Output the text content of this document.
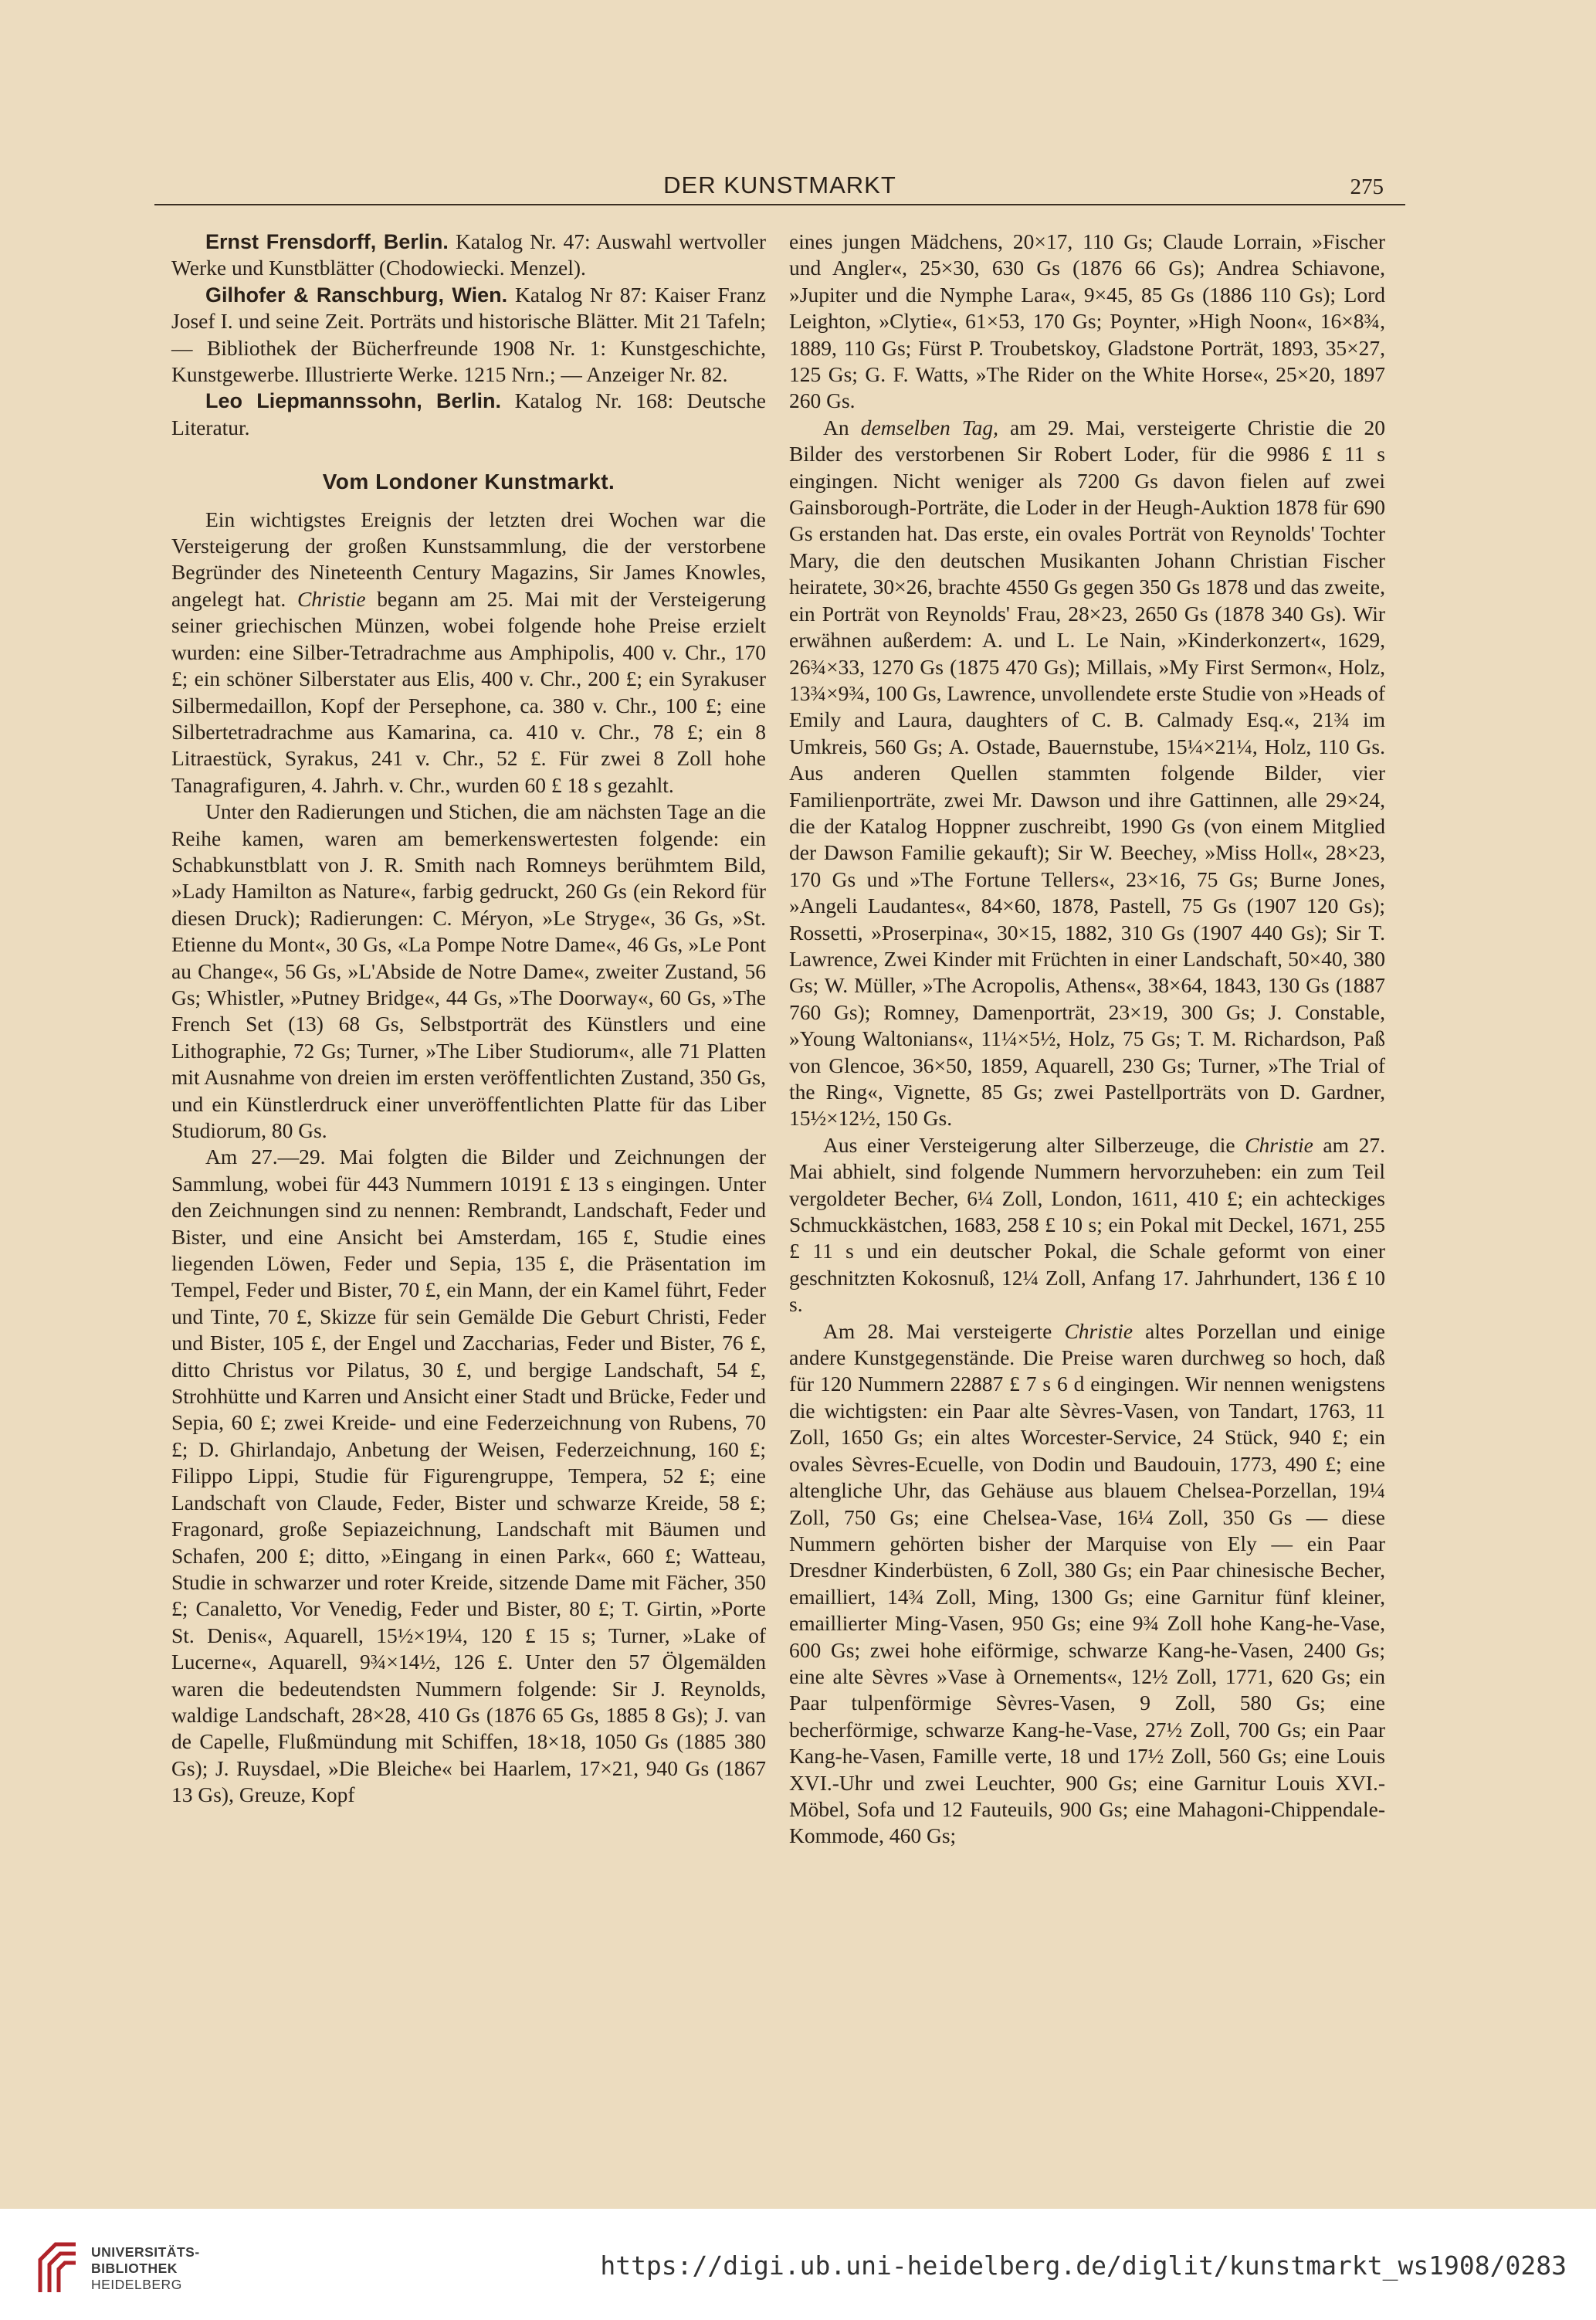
DER KUNSTMARKT	275

Ernst Frensdorff, Berlin. Katalog Nr. 47: Auswahl wertvoller Werke und Kunstblätter (Chodowiecki. Menzel).

Gilhofer & Ranschburg, Wien. Katalog Nr 87: Kaiser Franz Josef I. und seine Zeit. Porträts und historische Blätter. Mit 21 Tafeln; — Bibliothek der Bücherfreunde 1908 Nr. 1: Kunstgeschichte, Kunstgewerbe. Illustrierte Werke. 1215 Nrn.; — Anzeiger Nr. 82.

Leo Liepmannssohn, Berlin. Katalog Nr. 168: Deutsche Literatur.

Vom Londoner Kunstmarkt.

Ein wichtigstes Ereignis der letzten drei Wochen war die Versteigerung der großen Kunstsammlung, die der verstorbene Begründer des Nineteenth Century Magazins, Sir James Knowles, angelegt hat. Christie begann am 25. Mai mit der Versteigerung seiner griechischen Münzen, wobei folgende hohe Preise erzielt wurden: eine Silber-Tetradrachme aus Amphipolis, 400 v. Chr., 170 £; ein schöner Silberstater aus Elis, 400 v. Chr., 200 £; ein Syrakuser Silbermedaillon, Kopf der Persephone, ca. 380 v. Chr., 100 £; eine Silbertetradrachme aus Kamarina, ca. 410 v. Chr., 78 £; ein 8 Litraestück, Syrakus, 241 v. Chr., 52 £. Für zwei 8 Zoll hohe Tanagrafiguren, 4. Jahrh. v. Chr., wurden 60 £ 18 s gezahlt.

Unter den Radierungen und Stichen, die am nächsten Tage an die Reihe kamen, waren am bemerkenswertesten folgende: ein Schabkunstblatt von J. R. Smith nach Romneys berühmtem Bild, »Lady Hamilton as Nature«, farbig gedruckt, 260 Gs (ein Rekord für diesen Druck); Radierungen: C. Méryon, »Le Stryge«, 36 Gs, »St. Etienne du Mont«, 30 Gs, «La Pompe Notre Dame«, 46 Gs, »Le Pont au Change«, 56 Gs, »L'Abside de Notre Dame«, zweiter Zustand, 56 Gs; Whistler, »Putney Bridge«, 44 Gs, »The Doorway«, 60 Gs, »The French Set (13) 68 Gs, Selbstporträt des Künstlers und eine Lithographie, 72 Gs; Turner, »The Liber Studiorum«, alle 71 Platten mit Ausnahme von dreien im ersten veröffentlichten Zustand, 350 Gs, und ein Künstlerdruck einer unveröffentlichten Platte für das Liber Studiorum, 80 Gs.

Am 27.—29. Mai folgten die Bilder und Zeichnungen der Sammlung, wobei für 443 Nummern 10191 £ 13 s eingingen. Unter den Zeichnungen sind zu nennen: Rembrandt, Landschaft, Feder und Bister, und eine Ansicht bei Amsterdam, 165 £, Studie eines liegenden Löwen, Feder und Sepia, 135 £, die Präsentation im Tempel, Feder und Bister, 70 £, ein Mann, der ein Kamel führt, Feder und Tinte, 70 £, Skizze für sein Gemälde Die Geburt Christi, Feder und Bister, 105 £, der Engel und Zaccharias, Feder und Bister, 76 £, ditto Christus vor Pilatus, 30 £, und bergige Landschaft, 54 £, Strohhütte und Karren und Ansicht einer Stadt und Brücke, Feder und Sepia, 60 £; zwei Kreide- und eine Federzeichnung von Rubens, 70 £; D. Ghirlandajo, Anbetung der Weisen, Federzeichnung, 160 £; Filippo Lippi, Studie für Figurengruppe, Tempera, 52 £; eine Landschaft von Claude, Feder, Bister und schwarze Kreide, 58 £; Fragonard, große Sepiazeichnung, Landschaft mit Bäumen und Schafen, 200 £; ditto, »Eingang in einen Park«, 660 £; Watteau, Studie in schwarzer und roter Kreide, sitzende Dame mit Fächer, 350 £; Canaletto, Vor Venedig, Feder und Bister, 80 £; T. Girtin, »Porte St. Denis«, Aquarell, 15½×19¼, 120 £ 15 s; Turner, »Lake of Lucerne«, Aquarell, 9¾×14½, 126 £. Unter den 57 Ölgemälden waren die bedeutendsten Nummern folgende: Sir J. Reynolds, waldige Landschaft, 28×28, 410 Gs (1876 65 Gs, 1885 8 Gs); J. van de Capelle, Flußmündung mit Schiffen, 18×18, 1050 Gs (1885 380 Gs); J. Ruysdael, »Die Bleiche« bei Haarlem, 17×21, 940 Gs (1867 13 Gs), Greuze, Kopf

eines jungen Mädchens, 20×17, 110 Gs; Claude Lorrain, »Fischer und Angler«, 25×30, 630 Gs (1876 66 Gs); Andrea Schiavone, »Jupiter und die Nymphe Lara«, 9×45, 85 Gs (1886 110 Gs); Lord Leighton, »Clytie«, 61×53, 170 Gs; Poynter, »High Noon«, 16×8¾, 1889, 110 Gs; Fürst P. Troubetskoy, Gladstone Porträt, 1893, 35×27, 125 Gs; G. F. Watts, »The Rider on the White Horse«, 25×20, 1897 260 Gs.

An demselben Tag, am 29. Mai, versteigerte Christie die 20 Bilder des verstorbenen Sir Robert Loder, für die 9986 £ 11 s eingingen. Nicht weniger als 7200 Gs davon fielen auf zwei Gainsborough-Porträte, die Loder in der Heugh-Auktion 1878 für 690 Gs erstanden hat. Das erste, ein ovales Porträt von Reynolds' Tochter Mary, die den deutschen Musikanten Johann Christian Fischer heiratete, 30×26, brachte 4550 Gs gegen 350 Gs 1878 und das zweite, ein Porträt von Reynolds' Frau, 28×23, 2650 Gs (1878 340 Gs). Wir erwähnen außerdem: A. und L. Le Nain, »Kinderkonzert«, 1629, 26¾×33, 1270 Gs (1875 470 Gs); Millais, »My First Sermon«, Holz, 13¾×9¾, 100 Gs, Lawrence, unvollendete erste Studie von »Heads of Emily and Laura, daughters of C. B. Calmady Esq.«, 21¾ im Umkreis, 560 Gs; A. Ostade, Bauernstube, 15¼×21¼, Holz, 110 Gs. Aus anderen Quellen stammten folgende Bilder, vier Familienporträte, zwei Mr. Dawson und ihre Gattinnen, alle 29×24, die der Katalog Hoppner zuschreibt, 1990 Gs (von einem Mitglied der Dawson Familie gekauft); Sir W. Beechey, »Miss Holl«, 28×23, 170 Gs und »The Fortune Tellers«, 23×16, 75 Gs; Burne Jones, »Angeli Laudantes«, 84×60, 1878, Pastell, 75 Gs (1907 120 Gs); Rossetti, »Proserpina«, 30×15, 1882, 310 Gs (1907 440 Gs); Sir T. Lawrence, Zwei Kinder mit Früchten in einer Landschaft, 50×40, 380 Gs; W. Müller, »The Acropolis, Athens«, 38×64, 1843, 130 Gs (1887 760 Gs); Romney, Damenporträt, 23×19, 300 Gs; J. Constable, »Young Waltonians«, 11¼×5½, Holz, 75 Gs; T. M. Richardson, Paß von Glencoe, 36×50, 1859, Aquarell, 230 Gs; Turner, »The Trial of the Ring«, Vignette, 85 Gs; zwei Pastellporträts von D. Gardner, 15½×12½, 150 Gs.

Aus einer Versteigerung alter Silberzeuge, die Christie am 27. Mai abhielt, sind folgende Nummern hervorzuheben: ein zum Teil vergoldeter Becher, 6¼ Zoll, London, 1611, 410 £; ein achteckiges Schmuckkästchen, 1683, 258 £ 10 s; ein Pokal mit Deckel, 1671, 255 £ 11 s und ein deutscher Pokal, die Schale geformt von einer geschnitzten Kokosnuß, 12¼ Zoll, Anfang 17. Jahrhundert, 136 £ 10 s.

Am 28. Mai versteigerte Christie altes Porzellan und einige andere Kunstgegenstände. Die Preise waren durchweg so hoch, daß für 120 Nummern 22887 £ 7 s 6 d eingingen. Wir nennen wenigstens die wichtigsten: ein Paar alte Sèvres-Vasen, von Tandart, 1763, 11 Zoll, 1650 Gs; ein altes Worcester-Service, 24 Stück, 940 £; ein ovales Sèvres-Ecuelle, von Dodin und Baudouin, 1773, 490 £; eine altengliche Uhr, das Gehäuse aus blauem Chelsea-Porzellan, 19¼ Zoll, 750 Gs; eine Chelsea-Vase, 16¼ Zoll, 350 Gs — diese Nummern gehörten bisher der Marquise von Ely — ein Paar Dresdner Kinderbüsten, 6 Zoll, 380 Gs; ein Paar chinesische Becher, emailliert, 14¾ Zoll, Ming, 1300 Gs; eine Garnitur fünf kleiner, emaillierter Ming-Vasen, 950 Gs; eine 9¾ Zoll hohe Kang-he-Vase, 600 Gs; zwei hohe eiförmige, schwarze Kang-he-Vasen, 2400 Gs; eine alte Sèvres »Vase à Ornements«, 12½ Zoll, 1771, 620 Gs; ein Paar tulpenförmige Sèvres-Vasen, 9 Zoll, 580 Gs; eine becherförmige, schwarze Kang-he-Vase, 27½ Zoll, 700 Gs; ein Paar Kang-he-Vasen, Famille verte, 18 und 17½ Zoll, 560 Gs; eine Louis XVI.-Uhr und zwei Leuchter, 900 Gs; eine Garnitur Louis XVI.-Möbel, Sofa und 12 Fauteuils, 900 Gs; eine Mahagoni-Chippendale-Kommode, 460 Gs;

UNIVERSITÄTS-
BIBLIOTHEK
HEIDELBERG
https://digi.ub.uni-heidelberg.de/diglit/kunstmarkt_ws1908/0283
